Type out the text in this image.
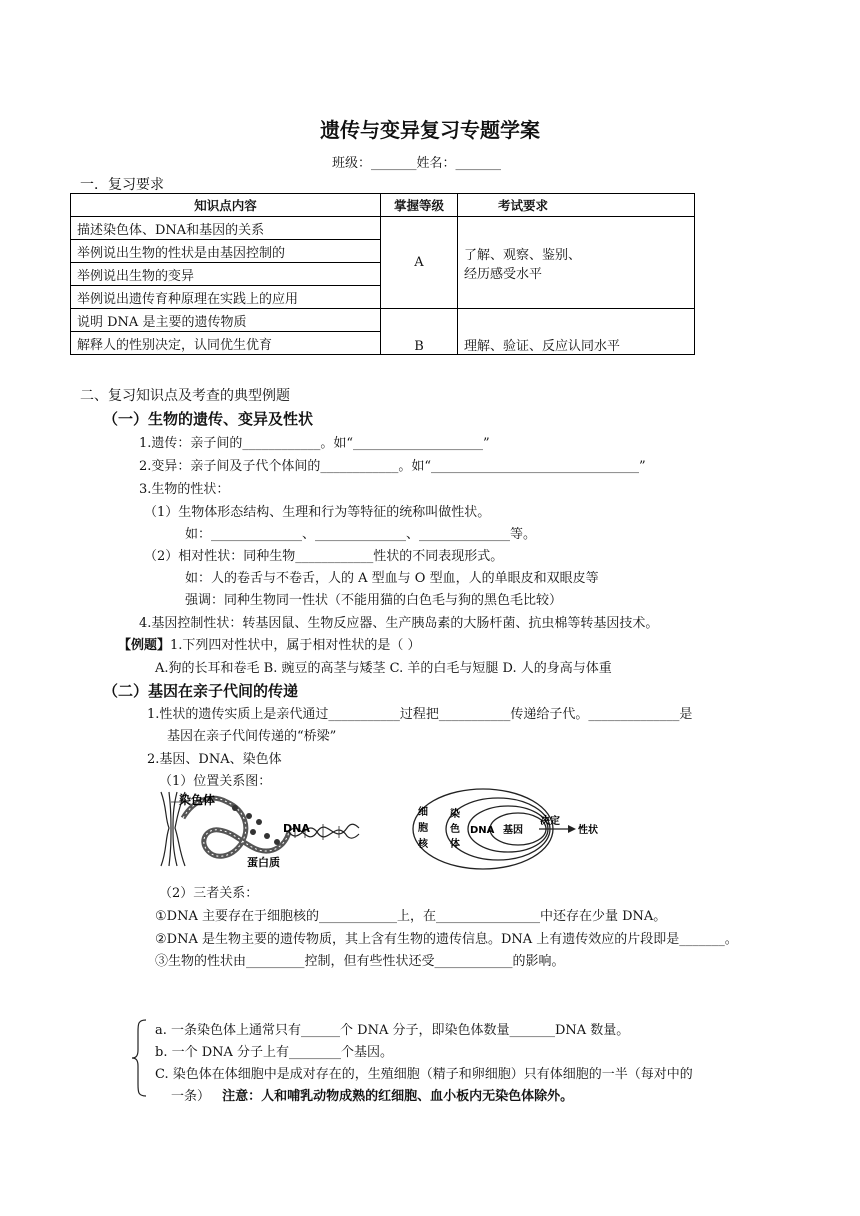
遗传与变异复习专题学案
班级：_______姓名：_______
一．复习要求
知识点内容	掌握等级	考试要求
描述染色体、DNA和基因的关系	A	了解、观察、鉴别、
经历感受水平

举例说出生物的性状是由基因控制的		
举例说出生物的变异		
举例说出遗传育种原理在实践上的应用		
说明 DNA 是主要的遗传物质	B	理解、验证、反应认同水平
解释人的性别决定，认同优生优育		
二、复习知识点及考查的典型例题
（一）生物的遗传、变异及性状
1.遗传：亲子间的____________。如“____________________”
2.变异：亲子间及子代个体间的____________。如“________________________________”
3.生物的性状：
（1）生物体形态结构、生理和行为等特征的统称叫做性状。
如：______________、______________、______________等。
（2）相对性状：同种生物____________性状的不同表现形式。
如：人的卷舌与不卷舌，人的 A 型血与 O 型血，人的单眼皮和双眼皮等
强调：同种生物同一性状（不能用猫的白色毛与狗的黑色毛比较）
4.基因控制性状：转基因鼠、生物反应器、生产胰岛素的大肠杆菌、抗虫棉等转基因技术。
【例题】1.下列四对性状中，属于相对性状的是（ ）
A.狗的长耳和卷毛 B. 豌豆的高茎与矮茎 C. 羊的白毛与短腿 D. 人的身高与体重
（二）基因在亲子代间的传递
1.性状的遗传实质上是亲代通过___________过程把___________传递给子代。______________是
基因在亲子代间传递的“桥梁”
2.基因、DNA、染色体
（1）位置关系图：
染色体
DNA
蛋白质
细
胞
核
染
色
体
DNA 基因
决定
性状
（2）三者关系：
①DNA 主要存在于细胞核的____________上，在________________中还存在少量 DNA。
②DNA 是生物主要的遗传物质，其上含有生物的遗传信息。DNA 上有遗传效应的片段即是_______。
③生物的性状由_________控制，但有些性状还受____________的影响。
a. 一条染色体上通常只有______个 DNA 分子，即染色体数量_______DNA 数量。
b. 一个 DNA 分子上有________个基因。
C. 染色体在体细胞中是成对存在的，生殖细胞（精子和卵细胞）只有体细胞的一半（每对中的
一条） 注意：人和哺乳动物成熟的红细胞、血小板内无染色体除外。
